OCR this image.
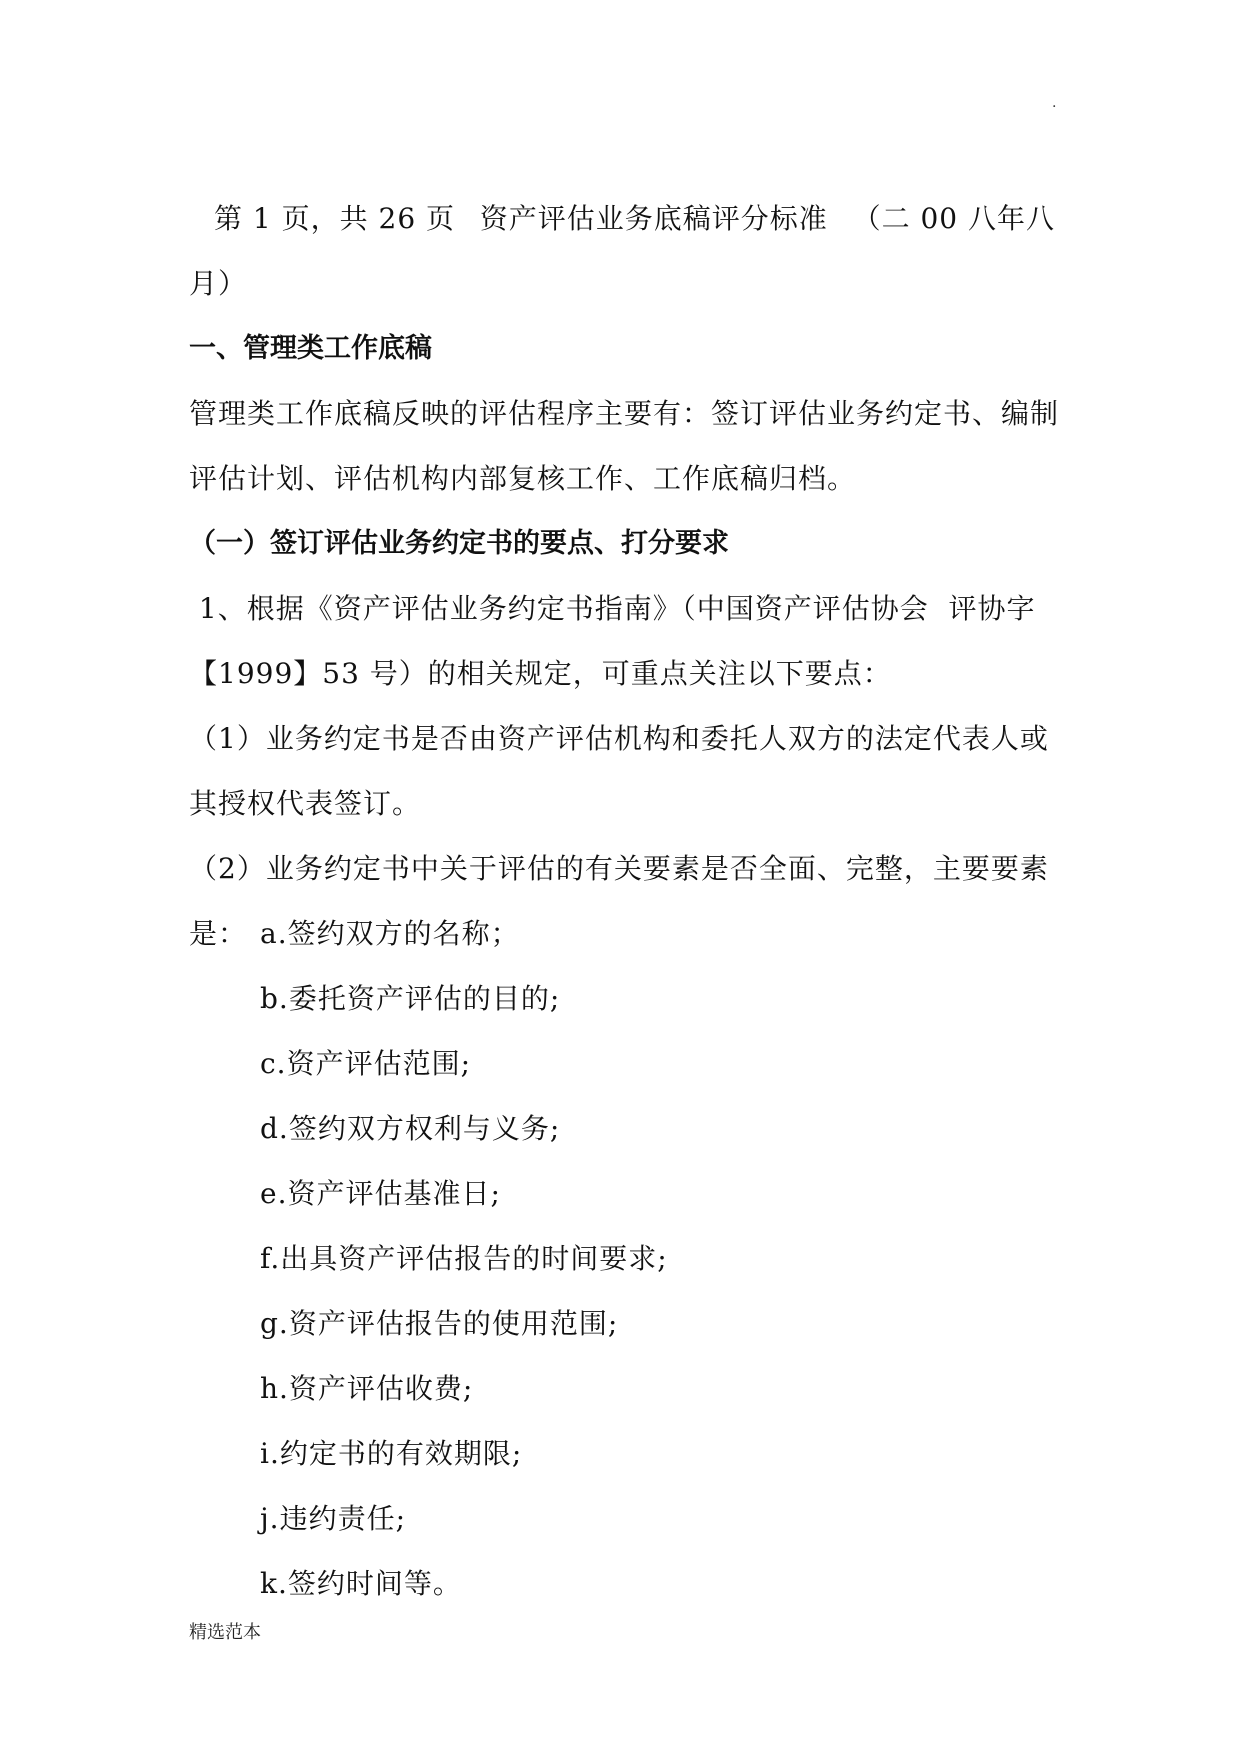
.
第 1 页，共 26 页 资产评估业务底稿评分标准 （二 00 八年八

月）

一、管理类工作底稿

管理类工作底稿反映的评估程序主要有：签订评估业务约定书、编制

评估计划、评估机构内部复核工作、工作底稿归档。

（一）签订评估业务约定书的要点、打分要求

1、根据《资产评估业务约定书指南》（中国资产评估协会  评协字

【1999】53 号）的相关规定，可重点关注以下要点：

（1）业务约定书是否由资产评估机构和委托人双方的法定代表人或

其授权代表签订。

（2）业务约定书中关于评估的有关要素是否全面、完整，主要要素

是： a.签约双方的名称；

b.委托资产评估的目的;

c.资产评估范围;

d.签约双方权利与义务;

e.资产评估基准日;

f.出具资产评估报告的时间要求;

g.资产评估报告的使用范围;

h.资产评估收费;

i.约定书的有效期限;

j.违约责任;

k.签约时间等。

精选范本
